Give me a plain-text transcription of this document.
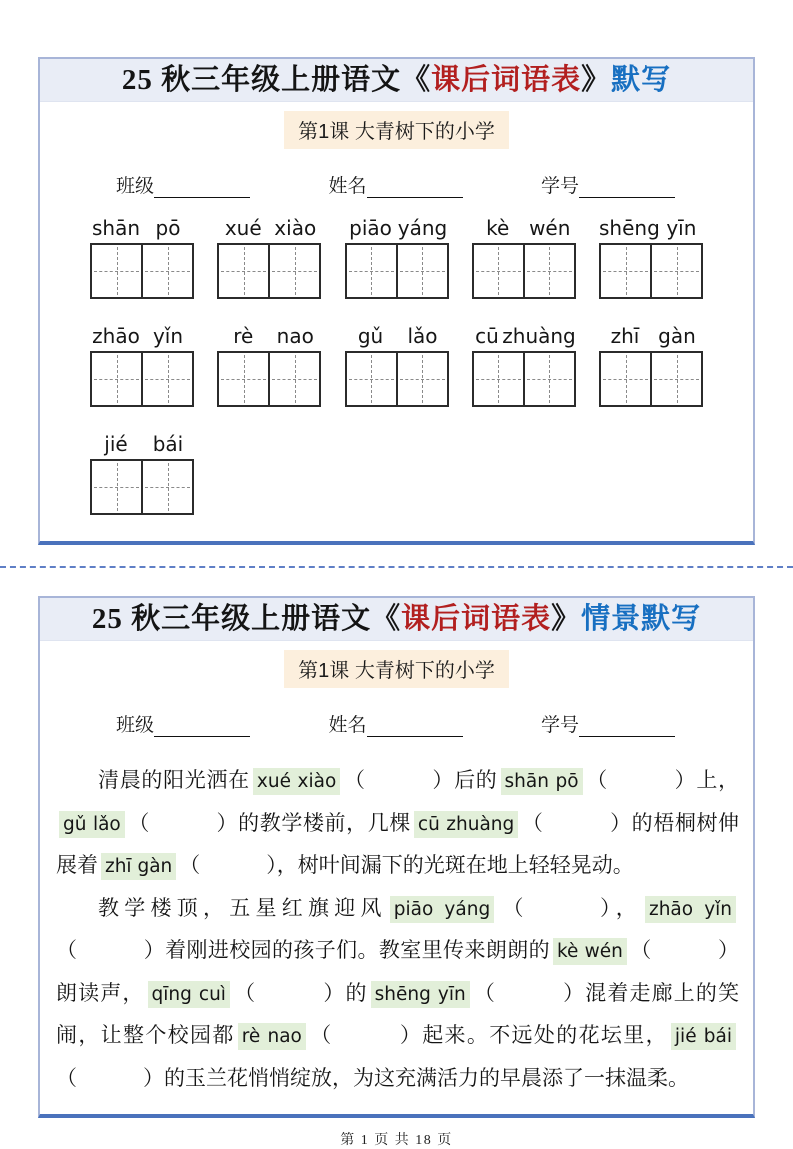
25 秋三年级上册语文《课后词语表》默写
第1课 大青树下的小学
班级	姓名	学号
shān pō	xué xiào piāo yáng	kè wén shēng yīn
zhāo yǐn	rè	nao	gǔ	lǎo	cū zhuàng	zhī gàn
jié	bái
25 秋三年级上册语文《课后词语表》情景默写
第1课 大青树下的小学
班级	姓名	学号

清晨的阳光洒在 xué xiào （	）后的 shān pō （	）上，gǔ lǎo （	）的教学楼前，几棵 cū zhuàng （	）的梧桐树伸展着 zhī gàn （	），树叶间漏下的光斑在地上轻轻晃动。

教学楼顶，五星红旗迎风 piāo yáng （	）， zhāo yǐn（	）着刚进校园的孩子们。教室里传来朗朗的 kè wén （	）朗读声， qīng cuì （	）的 shēng yīn （	）混着走廊上的笑闹，让整个校园都 rè nao （	）起来。不远处的花坛里， jié bái（	）的玉兰花悄悄绽放，为这充满活力的早晨添了一抹温柔。

第 1 页 共 18 页
